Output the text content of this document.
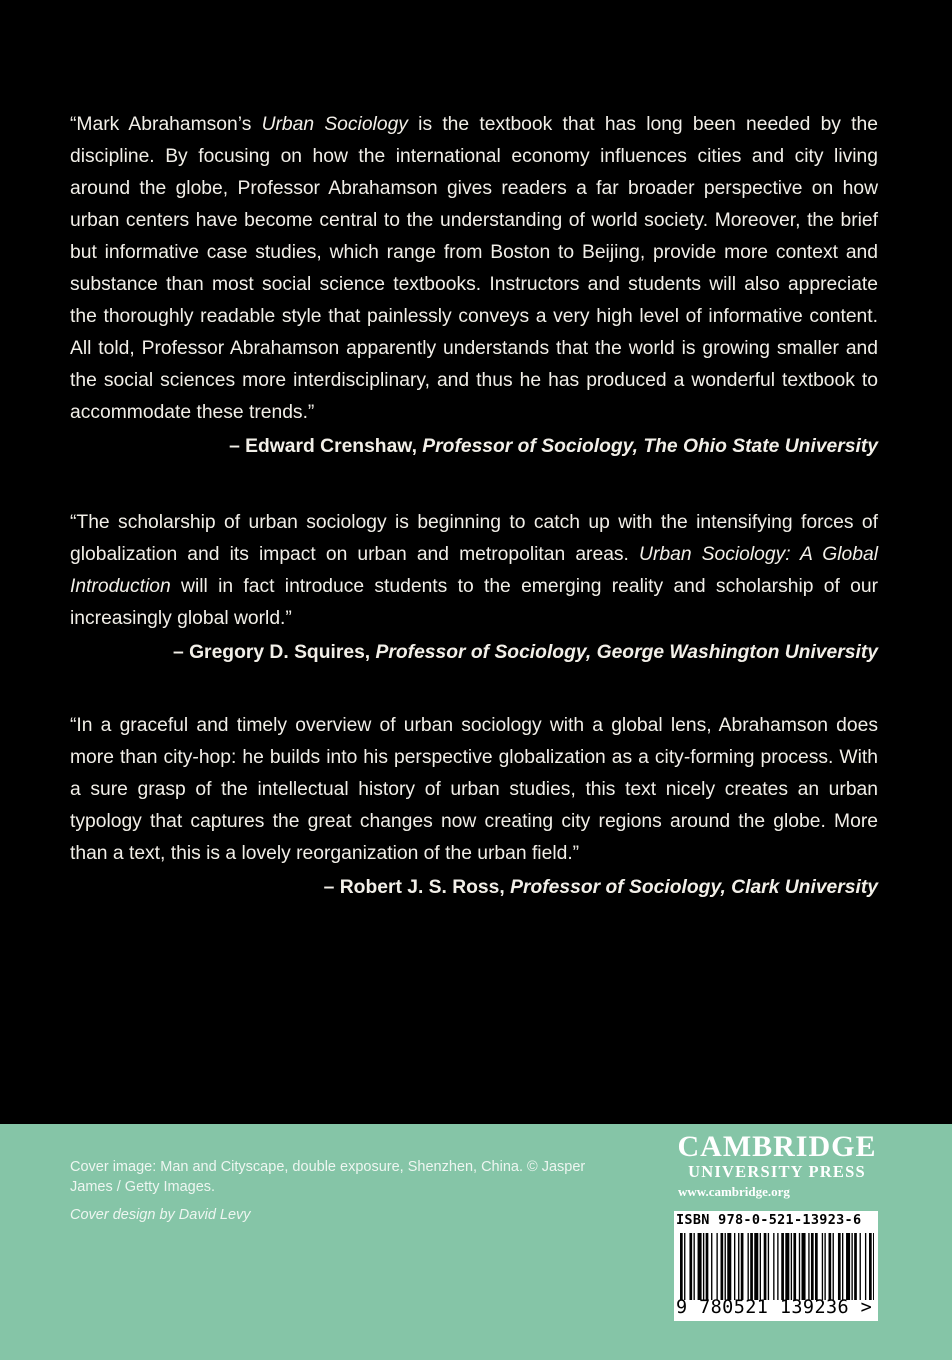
“Mark Abrahamson’s Urban Sociology is the textbook that has long been needed by the discipline. By focusing on how the international economy influences cities and city living around the globe, Professor Abrahamson gives readers a far broader perspective on how urban centers have become central to the understanding of world society. Moreover, the brief but informative case studies, which range from Boston to Beijing, provide more context and substance than most social science textbooks. Instructors and students will also appreciate the thoroughly readable style that painlessly conveys a very high level of informative content. All told, Professor Abrahamson apparently understands that the world is growing smaller and the social sciences more interdisciplinary, and thus he has produced a wonderful textbook to accommodate these trends.”

– Edward Crenshaw, Professor of Sociology, The Ohio State University

“The scholarship of urban sociology is beginning to catch up with the intensifying forces of globalization and its impact on urban and metropolitan areas. Urban Sociology: A Global Introduction will in fact introduce students to the emerging reality and scholarship of our increasingly global world.”

– Gregory D. Squires, Professor of Sociology, George Washington University

“In a graceful and timely overview of urban sociology with a global lens, Abrahamson does more than city-hop: he builds into his perspective globalization as a city-forming process. With a sure grasp of the intellectual history of urban studies, this text nicely creates an urban typology that captures the great changes now creating city regions around the globe. More than a text, this is a lovely reorganization of the urban field.”

– Robert J. S. Ross, Professor of Sociology, Clark University

Cover image: Man and Cityscape, double exposure, Shenzhen, China. © Jasper James / Getty Images.
Cover design by David Levy
CAMBRIDGE
UNIVERSITY PRESS
www.cambridge.org
ISBN 978-0-521-13923-6
9 780521 139236 >
